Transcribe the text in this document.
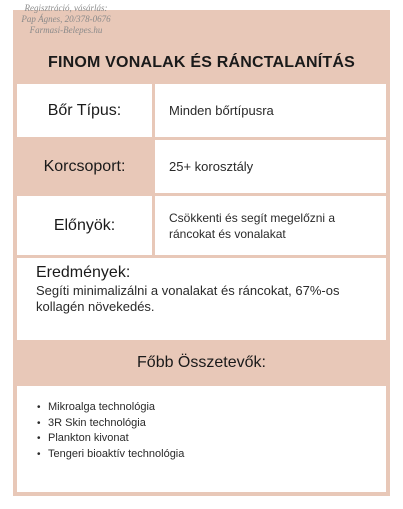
Regisztráció, vásárlás:
Pap Ágnes, 20/378-0676
Farmasi-Belepes.hu
FINOM VONALAK ÉS RÁNCTALANÍTÁS
Bőr Típus:	Minden bőrtípusra
Korcsoport:	25+ korosztály
Előnyök:	Csökkenti és segít megelőzni a ráncokat és vonalakat
Eredmények:
Segíti minimalizálni a vonalakat és ráncokat, 67%-os kollagén növekedés.
Főbb Összetevők:
• Mikroalga technológia
• 3R Skin technológia
• Plankton kivonat
• Tengeri bioaktív technológia
